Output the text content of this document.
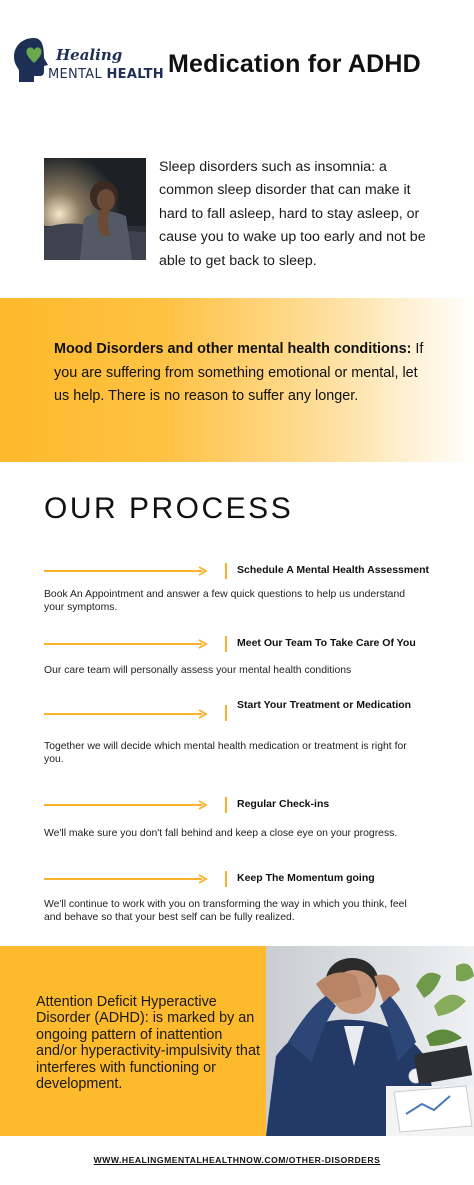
Healing
MENTAL HEALTH Medication for ADHD

Sleep disorders such as insomnia: a common sleep disorder that can make it hard to fall asleep, hard to stay asleep, or cause you to wake up too early and not be able to get back to sleep.

Mood Disorders and other mental health conditions: If you are suffering from something emotional or mental, let us help. There is no reason to suffer any longer.

OUR PROCESS
Schedule A Mental Health Assessment

Book An Appointment and answer a few quick questions to help us understand your symptoms.

Meet Our Team To Take Care Of You

Our care team will personally assess your mental health conditions

Start Your Treatment or Medication

Together we will decide which mental health medication or treatment is right for you.

Regular Check-ins

We'll make sure you don't fall behind and keep a close eye on your progress.

Keep The Momentum going

We'll continue to work with you on transforming the way in which you think, feel and behave so that your best self can be fully realized.

Attention Deficit Hyperactive Disorder (ADHD): is marked by an ongoing pattern of inattention and/or hyperactivity-impulsivity that interferes with functioning or development.

WWW.HEALINGMENTALHEALTHNOW.COM/OTHER-DISORDERS
